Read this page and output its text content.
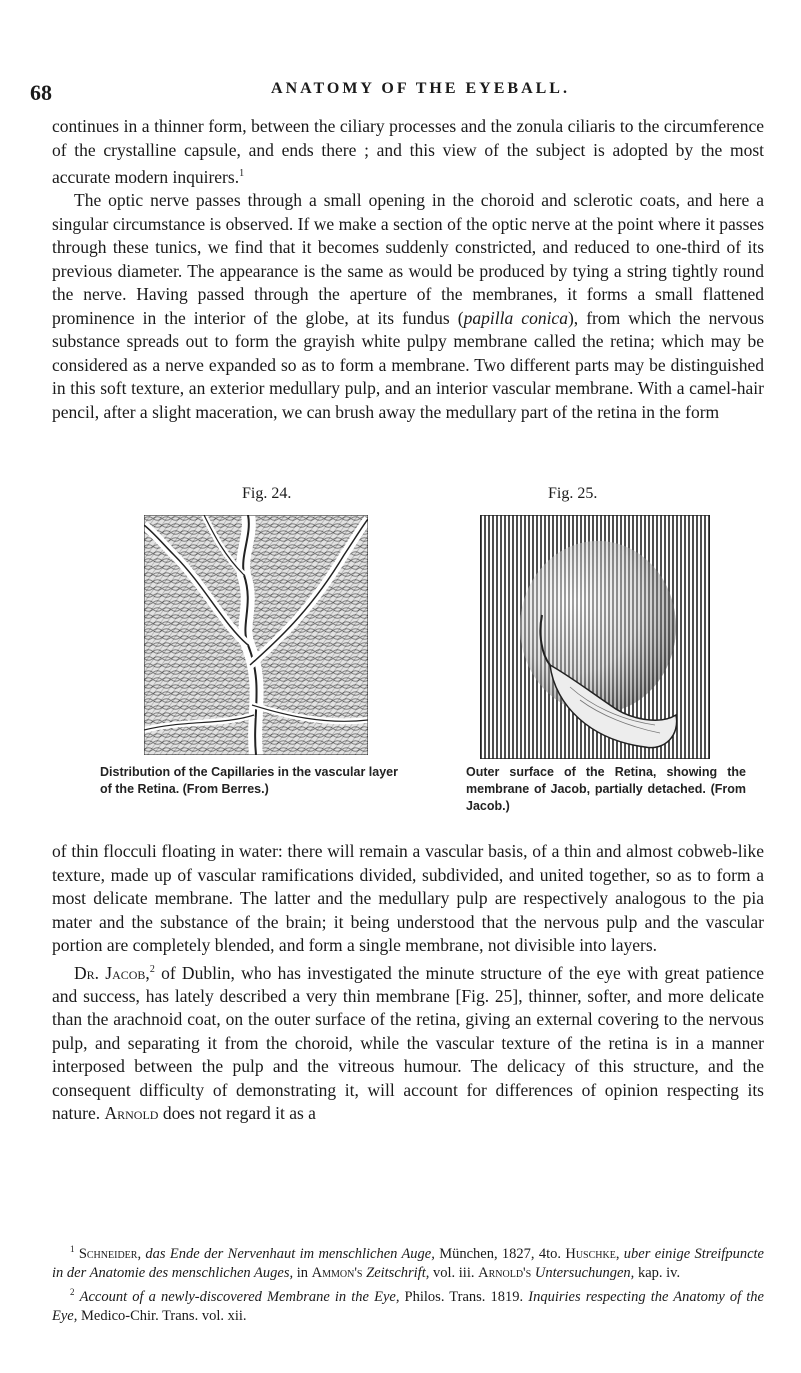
68	ANATOMY OF THE EYEBALL.

continues in a thinner form, between the ciliary processes and the zonula ciliaris to the circumference of the crystalline capsule, and ends there ; and this view of the subject is adopted by the most accurate modern inquirers.$^1$

The optic nerve passes through a small opening in the choroid and sclerotic coats, and here a singular circumstance is observed. If we make a section of the optic nerve at the point where it passes through these tunics, we find that it becomes suddenly constricted, and reduced to one-third of its previous diameter. The appearance is the same as would be produced by tying a string tightly round the nerve. Having passed through the aperture of the membranes, it forms a small flattened prominence in the interior of the globe, at its fundus (papilla conica), from which the nervous substance spreads out to form the grayish white pulpy membrane called the retina; which may be considered as a nerve expanded so as to form a membrane. Two different parts may be distinguished in this soft texture, an exterior medullary pulp, and an interior vascular membrane. With a camel-hair pencil, after a slight maceration, we can brush away the medullary part of the retina in the form

Fig. 24.	Fig. 25.
Distribution of the Capillaries in the vascular layer of the Retina. (From Berres.)
Outer surface of the Retina, showing the membrane of Jacob, partially detached. (From Jacob.)

of thin flocculi floating in water: there will remain a vascular basis, of a thin and almost cobweb-like texture, made up of vascular ramifications divided, subdivided, and united together, so as to form a most delicate membrane. The latter and the medullary pulp are respectively analogous to the pia mater and the substance of the brain; it being understood that the nervous pulp and the vascular portion are completely blended, and form a single membrane, not divisible into layers.

Dr. Jacob,$^2$ of Dublin, who has investigated the minute structure of the eye with great patience and success, has lately described a very thin membrane [Fig. 25], thinner, softer, and more delicate than the arachnoid coat, on the outer surface of the retina, giving an external covering to the nervous pulp, and separating it from the choroid, while the vascular texture of the retina is in a manner interposed between the pulp and the vitreous humour. The delicacy of this structure, and the consequent difficulty of demonstrating it, will account for differences of opinion respecting its nature. Arnold does not regard it as a

$^1$ Schneider, das Ende der Nervenhaut im menschlichen Auge, München, 1827, 4to. Huschke, uber einige Streifpuncte in der Anatomie des menschlichen Auges, in Ammon's Zeitschrift, vol. iii. Arnold's Untersuchungen, kap. iv.

$^2$ Account of a newly-discovered Membrane in the Eye, Philos. Trans. 1819. Inquiries respecting the Anatomy of the Eye, Medico-Chir. Trans. vol. xii.
